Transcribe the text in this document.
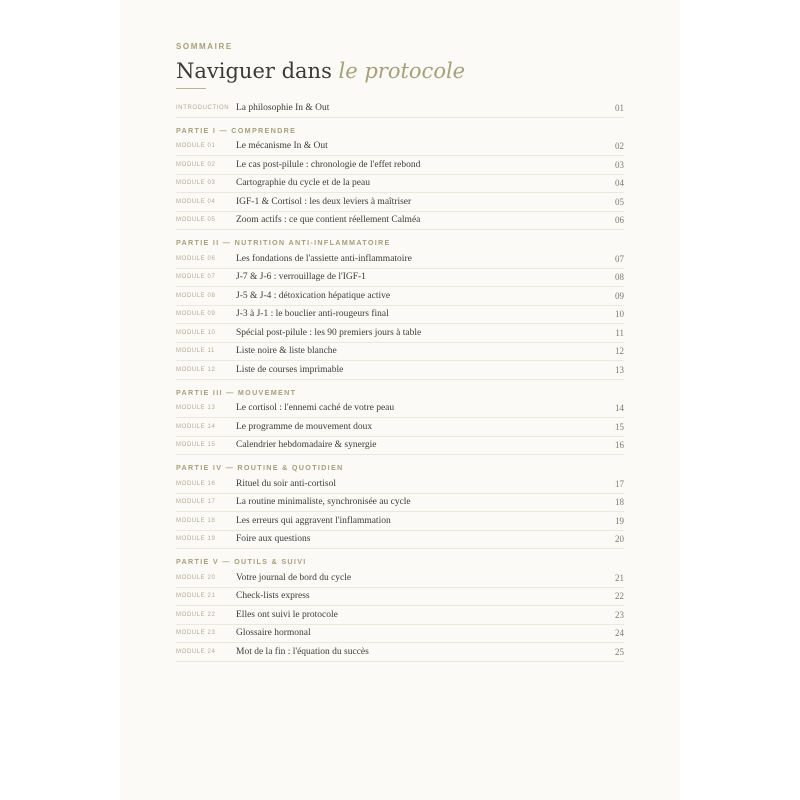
SOMMAIRE

Naviguer dans le protocole
INTRODUCTION La philosophie In & Out	01
PARTIE I — COMPRENDRE
MODULE 01	Le mécanisme In & Out	02
MODULE 02	Le cas post-pilule : chronologie de l'effet rebond	03
MODULE 03	Cartographie du cycle et de la peau	04
MODULE 04	IGF-1 & Cortisol : les deux leviers à maîtriser	05
MODULE 05	Zoom actifs : ce que contient réellement Calméa	06
PARTIE II — NUTRITION ANTI-INFLAMMATOIRE
MODULE 06	Les fondations de l'assiette anti-inflammatoire	07
MODULE 07	J-7 & J-6 : verrouillage de l'IGF-1	08
MODULE 08	J-5 & J-4 : détoxication hépatique active	09
MODULE 09	J-3 à J-1 : le bouclier anti-rougeurs final	10
MODULE 10	Spécial post-pilule : les 90 premiers jours à table	11
MODULE 11	Liste noire & liste blanche	12
MODULE 12	Liste de courses imprimable	13
PARTIE III — MOUVEMENT
MODULE 13	Le cortisol : l'ennemi caché de votre peau	14
MODULE 14	Le programme de mouvement doux	15
MODULE 15	Calendrier hebdomadaire & synergie	16
PARTIE IV — ROUTINE & QUOTIDIEN
MODULE 16	Rituel du soir anti-cortisol	17
MODULE 17	La routine minimaliste, synchronisée au cycle	18
MODULE 18	Les erreurs qui aggravent l'inflammation	19
MODULE 19	Foire aux questions	20
PARTIE V — OUTILS & SUIVI
MODULE 20	Votre journal de bord du cycle	21
MODULE 21	Check-lists express	22
MODULE 22	Elles ont suivi le protocole	23
MODULE 23	Glossaire hormonal	24
MODULE 24	Mot de la fin : l'équation du succès	25
